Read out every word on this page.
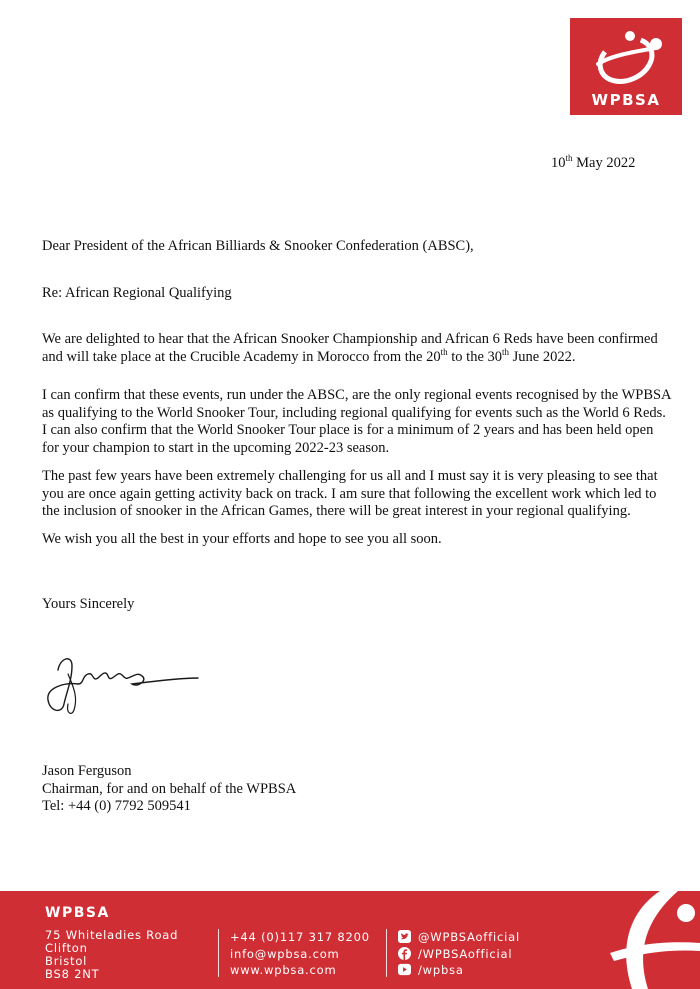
WPBSA
10th May 2022
Dear President of the African Billiards & Snooker Confederation (ABSC),
Re: African Regional Qualifying
We are delighted to hear that the African Snooker Championship and African 6 Reds have been confirmed
and will take place at the Crucible Academy in Morocco from the 20th to the 30th June 2022.
I can confirm that these events, run under the ABSC, are the only regional events recognised by the WPBSA
as qualifying to the World Snooker Tour, including regional qualifying for events such as the World 6 Reds.
I can also confirm that the World Snooker Tour place is for a minimum of 2 years and has been held open
for your champion to start in the upcoming 2022-23 season.
The past few years have been extremely challenging for us all and I must say it is very pleasing to see that
you are once again getting activity back on track. I am sure that following the excellent work which led to
the inclusion of snooker in the African Games, there will be great interest in your regional qualifying.
We wish you all the best in your efforts and hope to see you all soon.
Yours Sincerely
Jason Ferguson
Chairman, for and on behalf of the WPBSA
Tel: +44 (0) 7792 509541
WPBSA
75 Whiteladies Road
Clifton
Bristol
BS8 2NT
+44 (0)117 317 8200
info@wpbsa.com
www.wpbsa.com
@WPBSAofficial
/WPBSAofficial
/wpbsa
